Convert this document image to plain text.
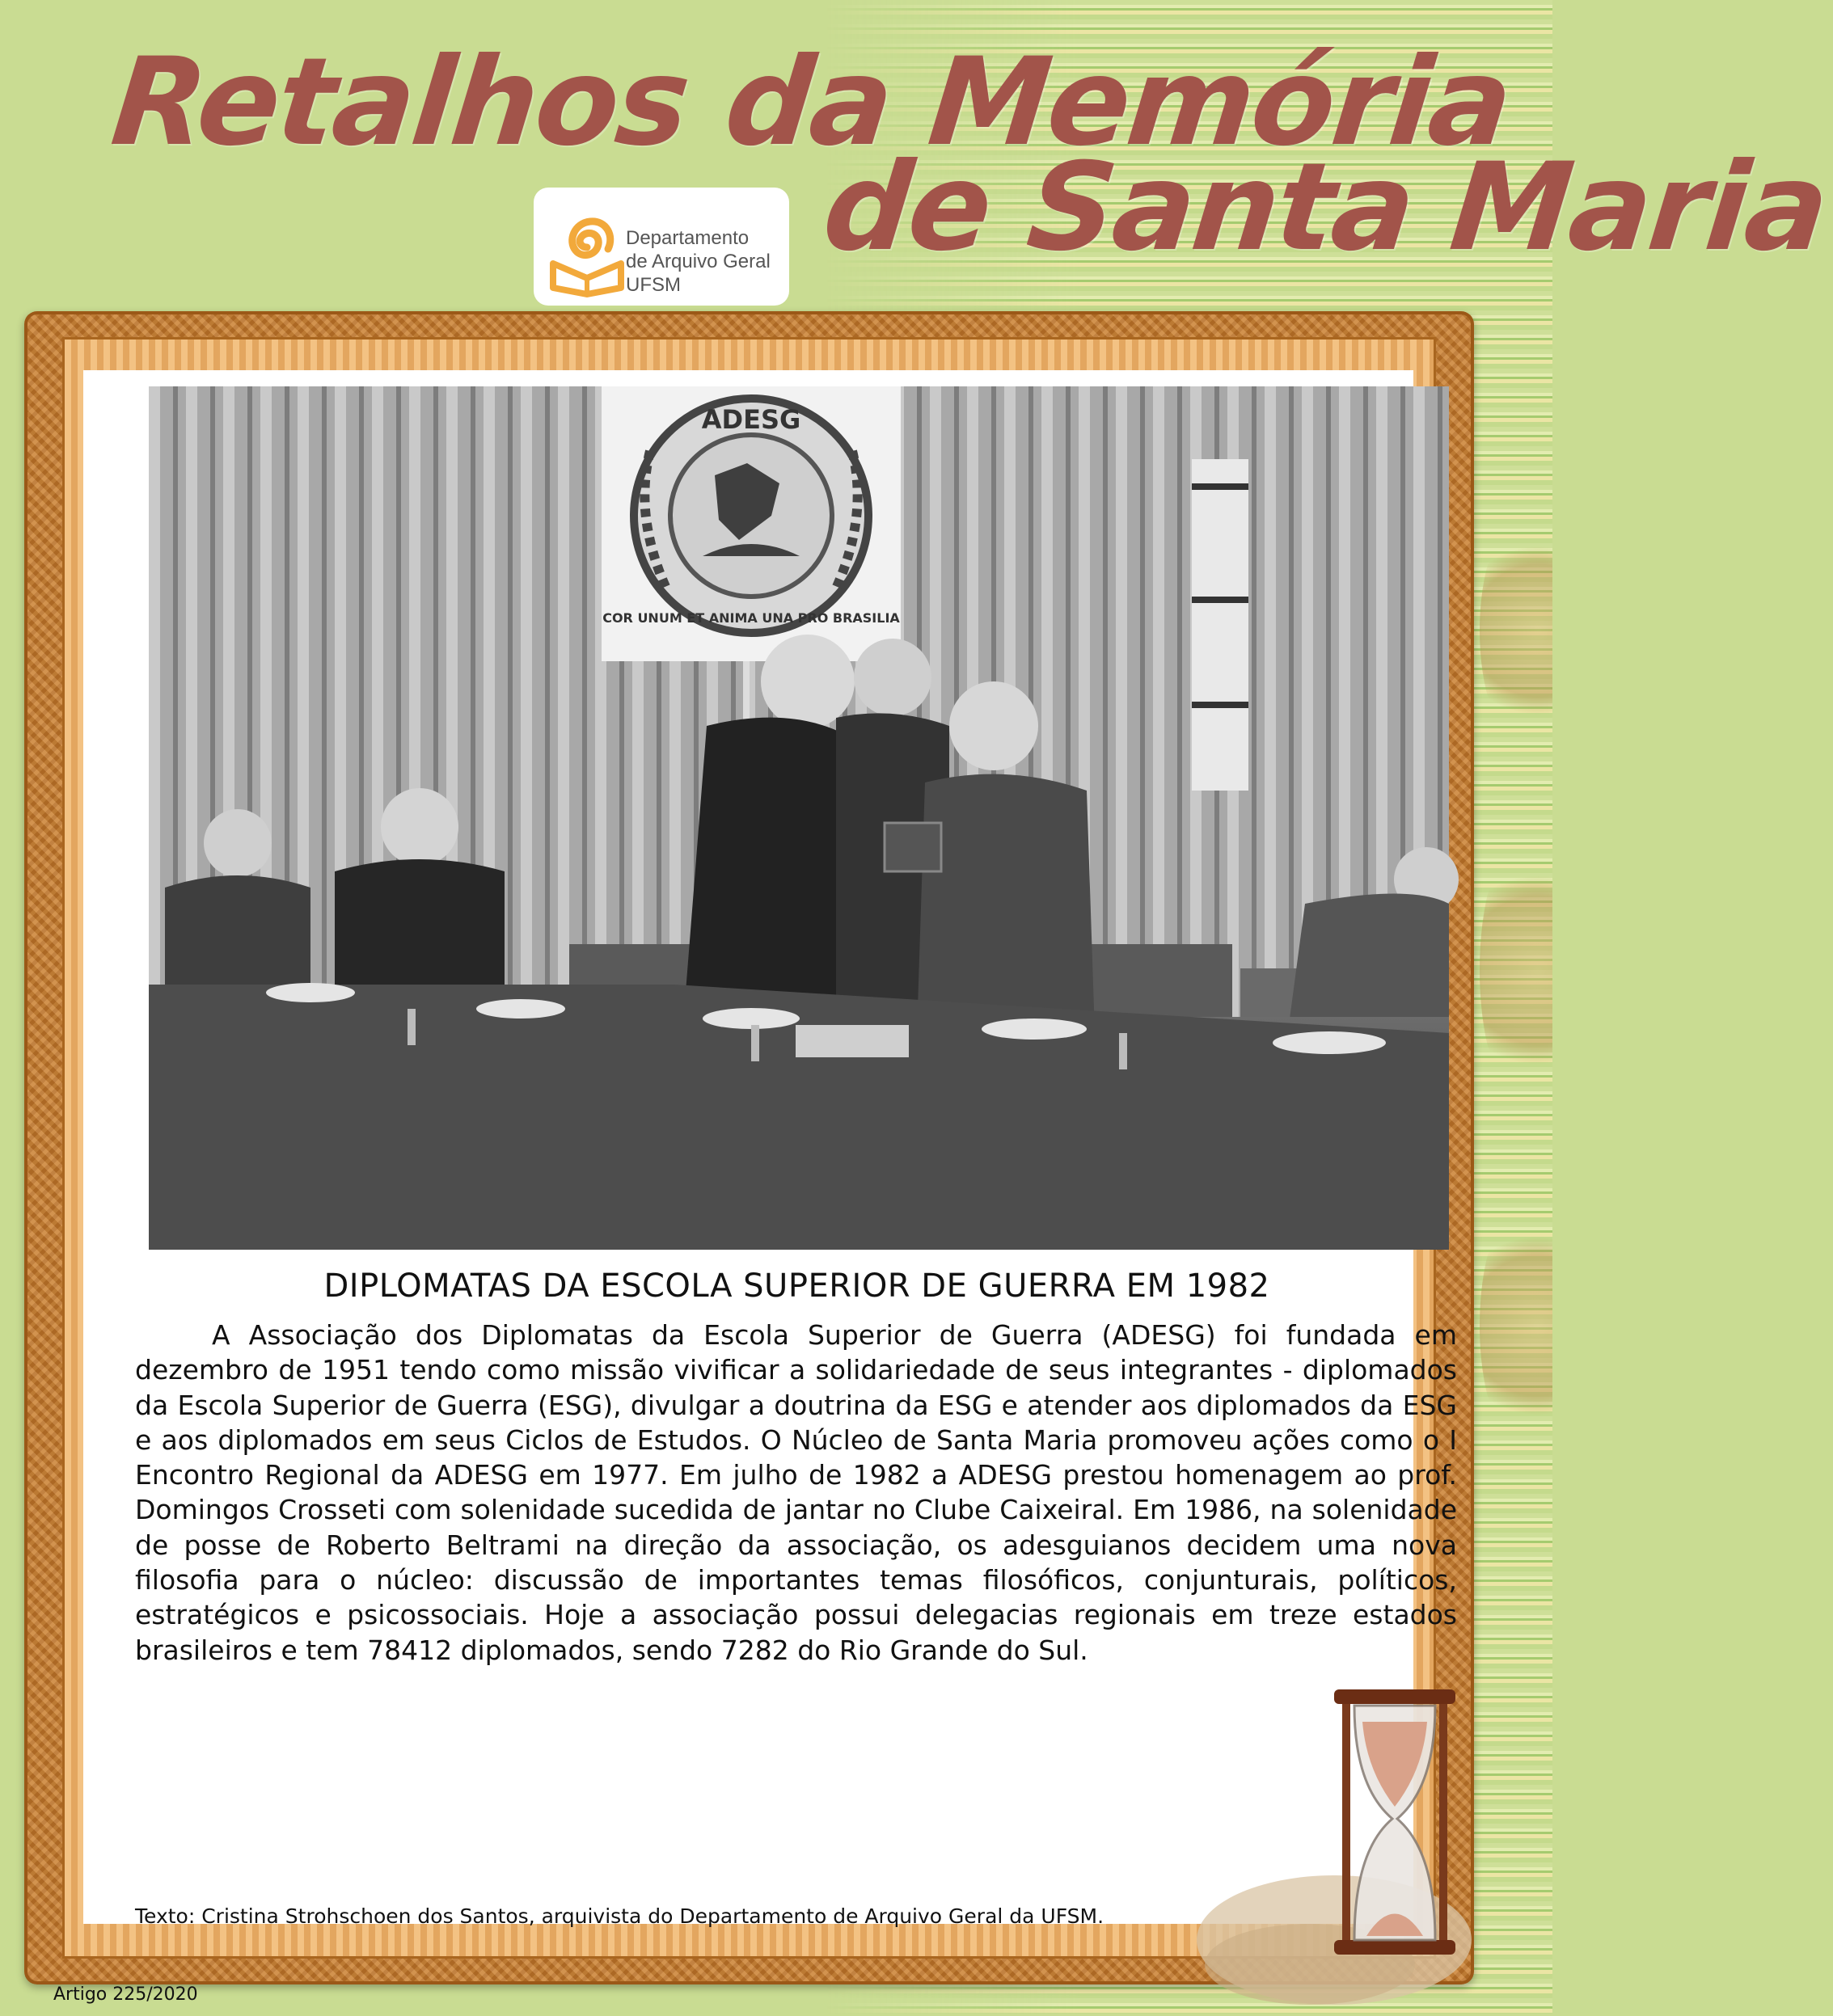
Retalhos da Memória
de Santa Maria
Departamento
de Arquivo Geral
UFSM
ADESG
COR UNUM ET ANIMA UNA PRO BRASILIA
DIPLOMATAS DA ESCOLA SUPERIOR DE GUERRA EM 1982
A Associação dos Diplomatas da Escola Superior de Guerra (ADESG) foi fundada em dezembro de 1951 tendo como missão vivificar a solidariedade de seus integrantes - diplomados da Escola Superior de Guerra (ESG), divulgar a doutrina da ESG e atender aos diplomados da ESG e aos diplomados em seus Ciclos de Estudos. O Núcleo de Santa Maria promoveu ações como o I Encontro Regional da ADESG em 1977. Em julho de 1982 a ADESG prestou homenagem ao prof. Domingos Crosseti com solenidade sucedida de jantar no Clube Caixeiral. Em 1986, na solenidade de posse de Roberto Beltrami na direção da associação, os adesguianos decidem uma nova filosofia para o núcleo: discussão de importantes temas filosóficos, conjunturais, políticos, estratégicos e psicossociais. Hoje a associação possui delegacias regionais em treze estados brasileiros e tem 78412 diplomados, sendo 7282 do Rio Grande do Sul.
Texto: Cristina Strohschoen dos Santos, arquivista do Departamento de Arquivo Geral da UFSM.
Artigo 225/2020
